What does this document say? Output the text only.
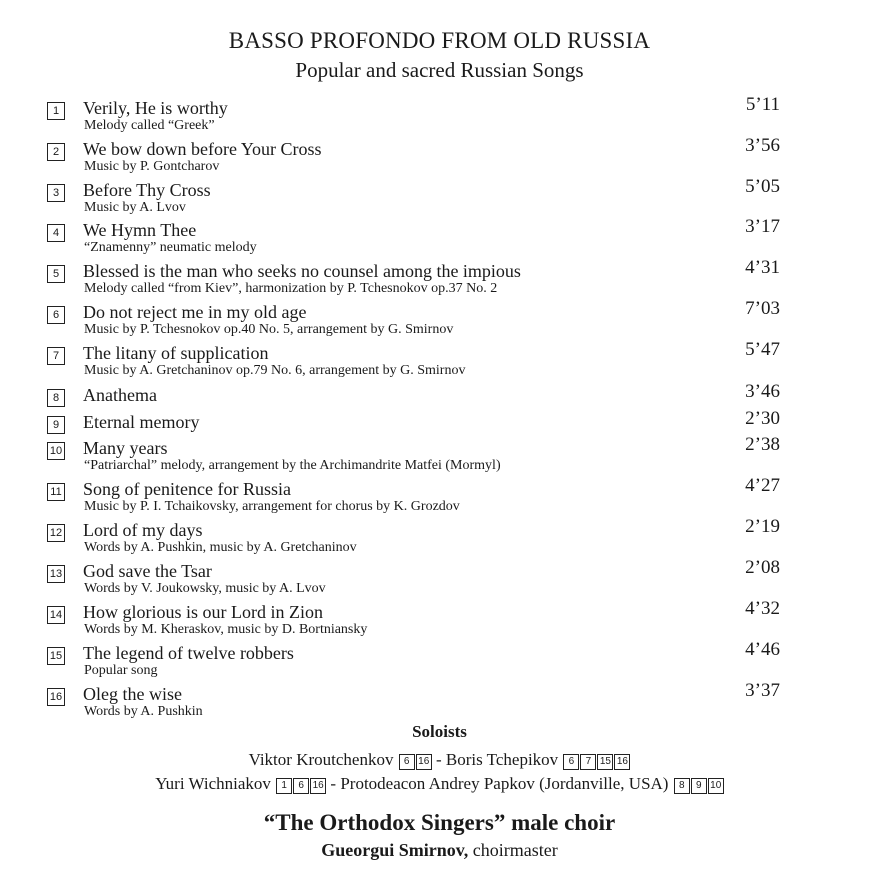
BASSO PROFONDO FROM OLD RUSSIA
Popular and sacred Russian Songs
1	Verily, He is worthy	5’11
Melody called “Greek”
2	We bow down before Your Cross	3’56
Music by P. Gontcharov
3	Before Thy Cross	5’05
Music by A. Lvov
4	We Hymn Thee	3’17
“Znamenny” neumatic melody
5	Blessed is the man who seeks no counsel among the impious	4’31
Melody called “from Kiev”, harmonization by P. Tchesnokov op.37 No. 2
6	Do not reject me in my old age	7’03
Music by P. Tchesnokov op.40 No. 5, arrangement by G. Smirnov
7	The litany of supplication	5’47
Music by A. Gretchaninov op.79 No. 6, arrangement by G. Smirnov
8	Anathema	3’46
9	Eternal memory	2’30
10 Many years	2’38
“Patriarchal” melody, arrangement by the Archimandrite Matfei (Mormyl)
11 Song of penitence for Russia	4’27
Music by P. I. Tchaikovsky, arrangement for chorus by K. Grozdov
12 Lord of my days	2’19
Words by A. Pushkin, music by A. Gretchaninov
13 God save the Tsar	2’08
Words by V. Joukowsky, music by A. Lvov
14 How glorious is our Lord in Zion	4’32
Words by M. Kheraskov, music by D. Bortniansky
15 The legend of twelve robbers	4’46
Popular song
16 Oleg the wise	3’37
Words by A. Pushkin
Soloists
Viktor Kroutchenkov 6 16 - Boris Tchepikov 6 7 15 16
Yuri Wichniakov 1 6 16 - Protodeacon Andrey Papkov (Jordanville, USA) 8 9 10
“The Orthodox Singers” male choir
Gueorgui Smirnov, choirmaster
